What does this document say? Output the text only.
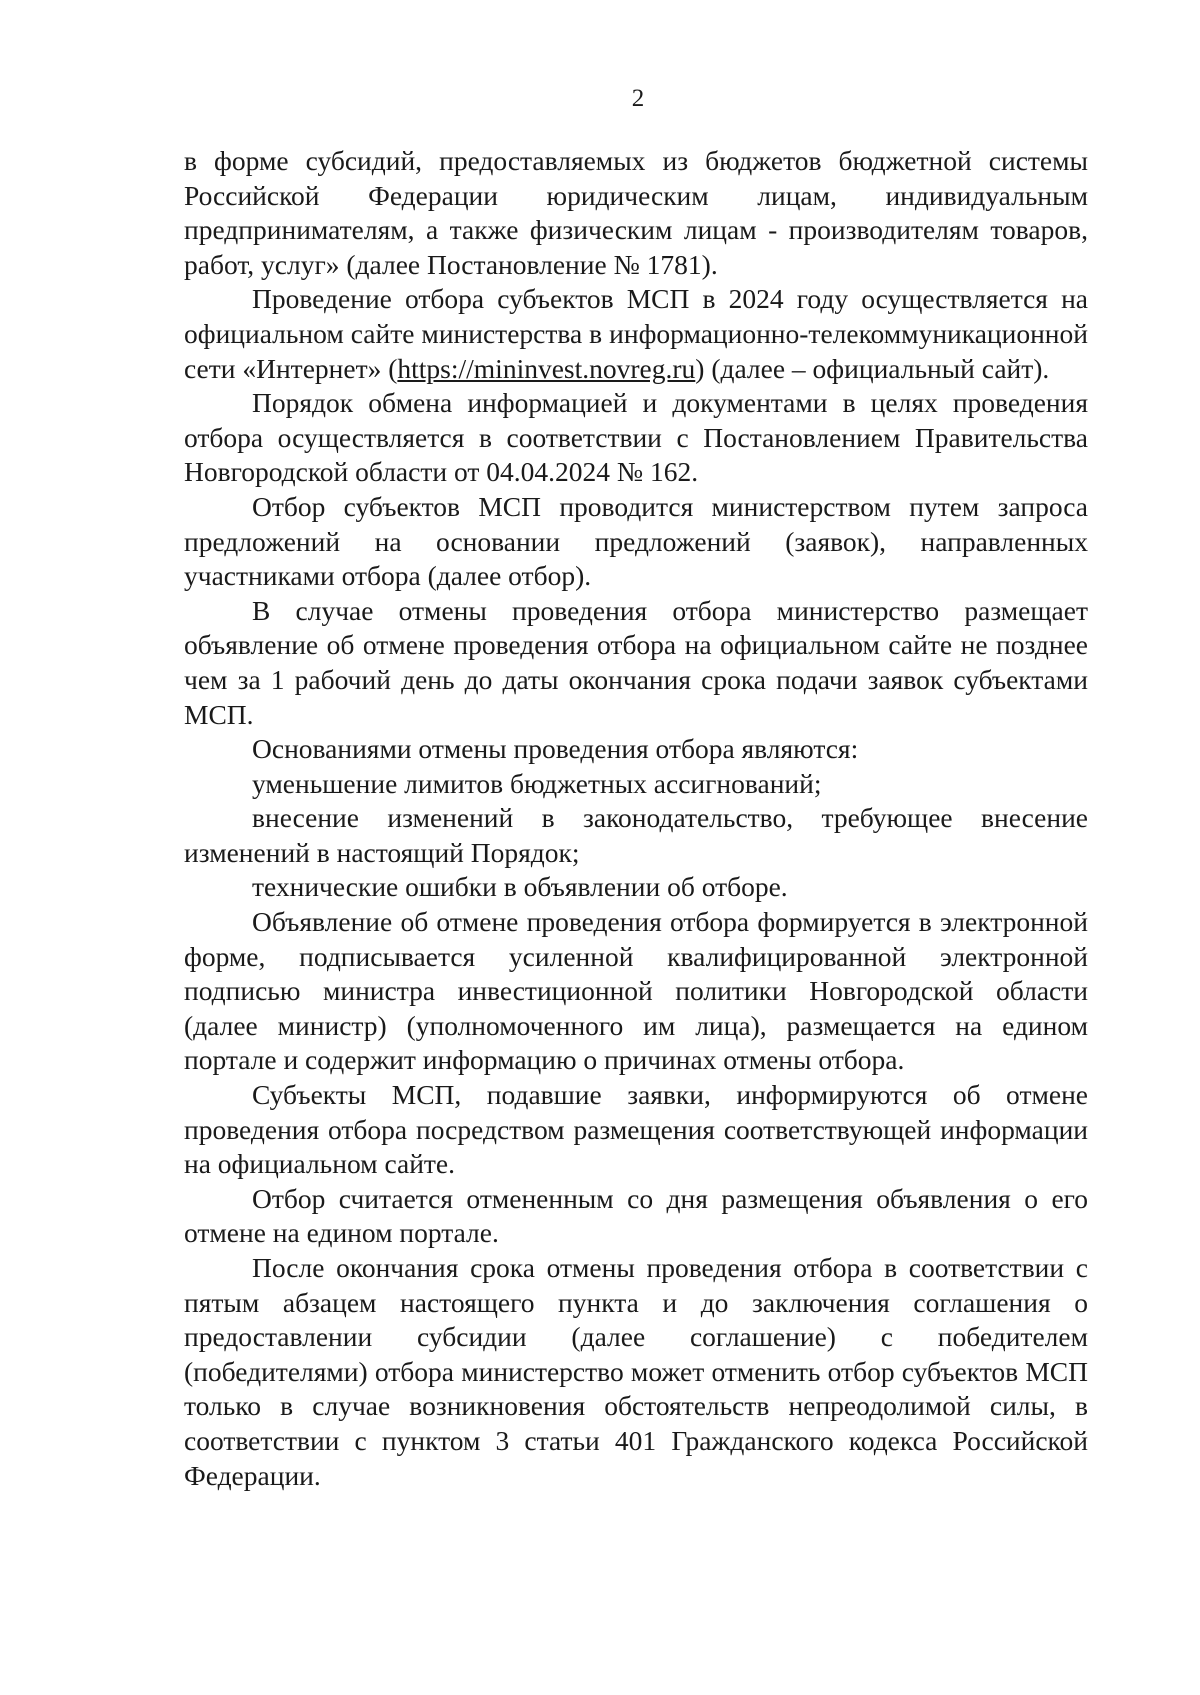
2

в форме субсидий, предоставляемых из бюджетов бюджетной системы Российской Федерации юридическим лицам, индивидуальным предпринимателям, а также физическим лицам - производителям товаров, работ, услуг» (далее Постановление № 1781).

Проведение отбора субъектов МСП в 2024 году осуществляется на официальном сайте министерства в информационно-телекоммуникационной сети «Интернет» (https://mininvest.novreg.ru) (далее – официальный сайт).

Порядок обмена информацией и документами в целях проведения отбора осуществляется в соответствии с Постановлением Правительства Новгородской области от 04.04.2024 № 162.

Отбор субъектов МСП проводится министерством путем запроса предложений на основании предложений (заявок), направленных участниками отбора (далее отбор).

В случае отмены проведения отбора министерство размещает объявление об отмене проведения отбора на официальном сайте не позднее чем за 1 рабочий день до даты окончания срока подачи заявок субъектами МСП.

Основаниями отмены проведения отбора являются:

уменьшение лимитов бюджетных ассигнований;

внесение изменений в законодательство, требующее внесение изменений в настоящий Порядок;

технические ошибки в объявлении об отборе.

Объявление об отмене проведения отбора формируется в электронной форме, подписывается усиленной квалифицированной электронной подписью министра инвестиционной политики Новгородской области (далее министр) (уполномоченного им лица), размещается на едином портале и содержит информацию о причинах отмены отбора.

Субъекты МСП, подавшие заявки, информируются об отмене проведения отбора посредством размещения соответствующей информации на официальном сайте.

Отбор считается отмененным со дня размещения объявления о его отмене на едином портале.

После окончания срока отмены проведения отбора в соответствии с пятым абзацем настоящего пункта и до заключения соглашения о предоставлении субсидии (далее соглашение) с победителем (победителями) отбора министерство может отменить отбор субъектов МСП только в случае возникновения обстоятельств непреодолимой силы, в соответствии с пунктом 3 статьи 401 Гражданского кодекса Российской Федерации.
